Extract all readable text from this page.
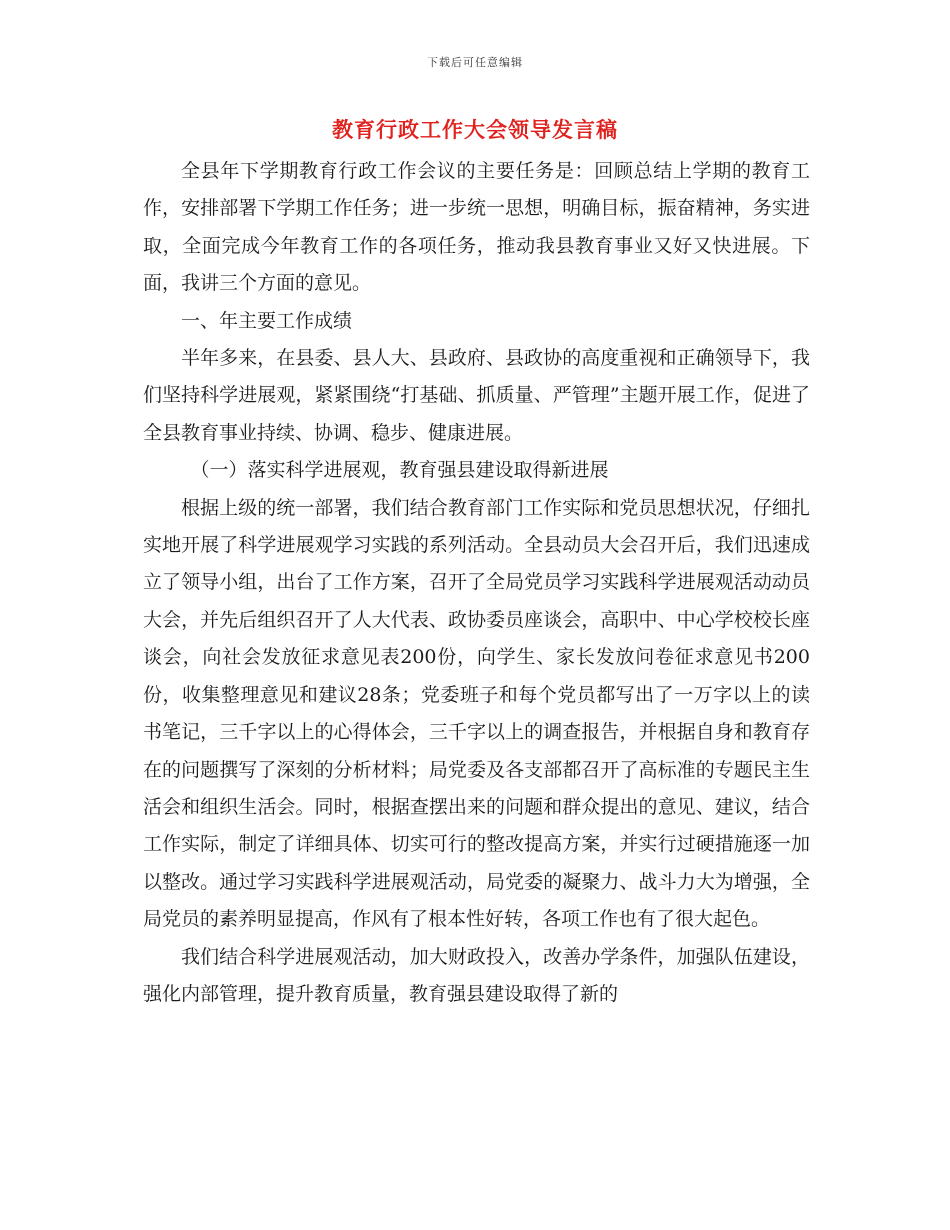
下载后可任意编辑
教育行政工作大会领导发言稿

全县年下学期教育行政工作会议的主要任务是：回顾总结上学期的教育工作，安排部署下学期工作任务；进一步统一思想，明确目标，振奋精神，务实进取，全面完成今年教育工作的各项任务，推动我县教育事业又好又快进展。下面，我讲三个方面的意见。

一、年主要工作成绩

半年多来，在县委、县人大、县政府、县政协的高度重视和正确领导下，我们坚持科学进展观，紧紧围绕“打基础、抓质量、严管理”主题开展工作，促进了全县教育事业持续、协调、稳步、健康进展。

（一）落实科学进展观，教育强县建设取得新进展

根据上级的统一部署，我们结合教育部门工作实际和党员思想状况，仔细扎实地开展了科学进展观学习实践的系列活动。全县动员大会召开后，我们迅速成立了领导小组，出台了工作方案，召开了全局党员学习实践科学进展观活动动员大会，并先后组织召开了人大代表、政协委员座谈会，高职中、中心学校校长座谈会，向社会发放征求意见表200份，向学生、家长发放问卷征求意见书200份，收集整理意见和建议28条；党委班子和每个党员都写出了一万字以上的读书笔记，三千字以上的心得体会，三千字以上的调查报告，并根据自身和教育存在的问题撰写了深刻的分析材料；局党委及各支部都召开了高标准的专题民主生活会和组织生活会。同时，根据查摆出来的问题和群众提出的意见、建议，结合工作实际，制定了详细具体、切实可行的整改提高方案，并实行过硬措施逐一加以整改。通过学习实践科学进展观活动，局党委的凝聚力、战斗力大为增强，全局党员的素养明显提高，作风有了根本性好转，各项工作也有了很大起色。

我们结合科学进展观活动，加大财政投入，改善办学条件，加强队伍建设，强化内部管理，提升教育质量，教育强县建设取得了新的
